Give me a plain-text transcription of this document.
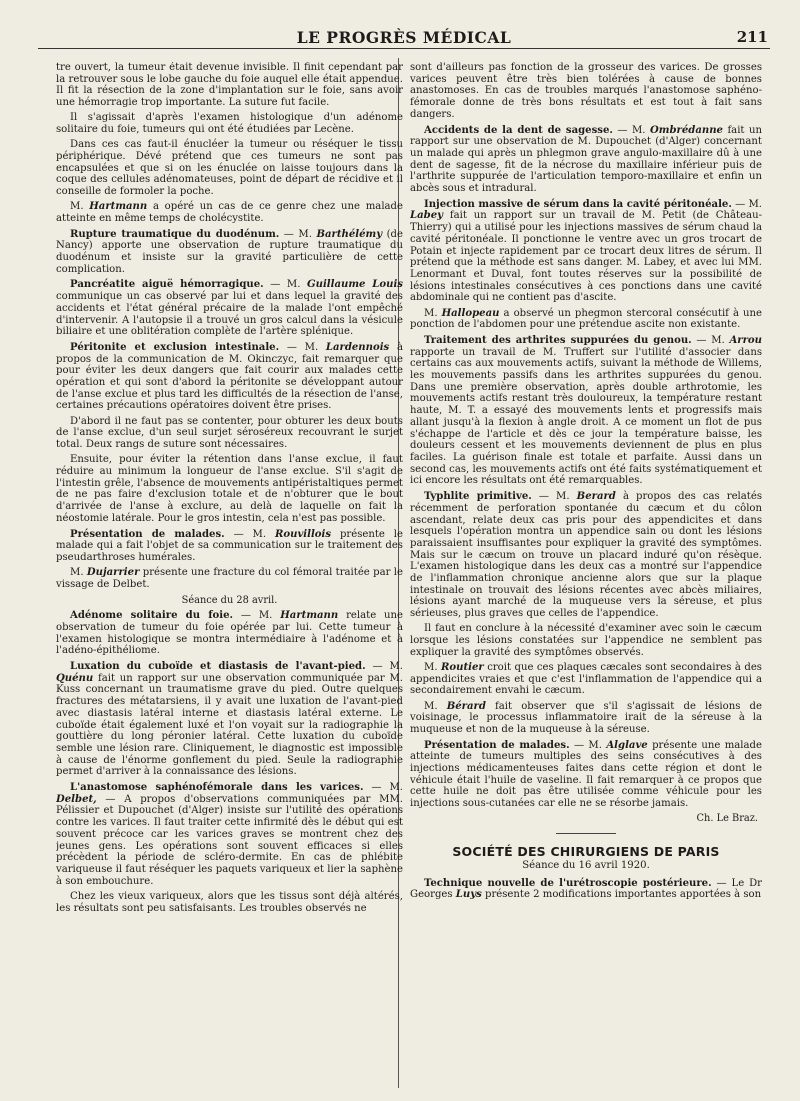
LE PROGRÈS MÉDICAL	211

tre ouvert, la tumeur était devenue invisible. Il finit cependant par la retrouver sous le lobe gauche du foie auquel elle était appendue. Il fit la résection de la zone d'implantation sur le foie, sans avoir une hémorragie trop importante. La suture fut facile.

Il s'agissait d'après l'examen histologique d'un adénome solitaire du foie, tumeurs qui ont été étudiées par Lecène.

Dans ces cas faut-il énucléer la tumeur ou réséquer le tissu périphérique. Dévé prétend que ces tumeurs ne sont pas encapsulées et que si on les énuclée on laisse toujours dans la coque des cellules adénomateuses, point de départ de récidive et il conseille de formoler la poche.

M. Hartmann a opéré un cas de ce genre chez une malade atteinte en même temps de cholécystite.

Rupture traumatique du duodénum. — M. Barthélémy (de Nancy) apporte une observation de rupture traumatique du duodénum et insiste sur la gravité particulière de cette complication.

Pancréatite aiguë hémorragique. — M. Guillaume Louis communique un cas observé par lui et dans lequel la gravité des accidents et l'état général précaire de la malade l'ont empêché d'intervenir. A l'autopsie il a trouvé un gros calcul dans la vésicule biliaire et une oblitération complète de l'artère splénique.

Péritonite et exclusion intestinale. — M. Lardennois à propos de la communication de M. Okinczyc, fait remarquer que pour éviter les deux dangers que fait courir aux malades cette opération et qui sont d'abord la péritonite se développant autour de l'anse exclue et plus tard les difficultés de la résection de l'anse, certaines précautions opératoires doivent être prises.

D'abord il ne faut pas se contenter, pour obturer les deux bouts de l'anse exclue, d'un seul surjet séroséreux recouvrant le surjet total. Deux rangs de suture sont nécessaires.

Ensuite, pour éviter la rétention dans l'anse exclue, il faut réduire au minimum la longueur de l'anse exclue. S'il s'agit de l'intestin grêle, l'absence de mouvements antipéristaltiques permet de ne pas faire d'exclusion totale et de n'obturer que le bout d'arrivée de l'anse à exclure, au delà de laquelle on fait la néostomie latérale. Pour le gros intestin, cela n'est pas possible.

Présentation de malades. — M. Rouvillois présente le malade qui a fait l'objet de sa communication sur le traitement des pseudarthroses humérales.

M. Dujarrier présente une fracture du col fémoral traitée par le vissage de Delbet.

Séance du 28 avril.

Adénome solitaire du foie. — M. Hartmann relate une observation de tumeur du foie opérée par lui. Cette tumeur à l'examen histologique se montra intermédiaire à l'adénome et à l'adéno-épithéliome.

Luxation du cuboïde et diastasis de l'avant-pied. — M. Quénu fait un rapport sur une observation communiquée par M. Kuss concernant un traumatisme grave du pied. Outre quelques fractures des métatarsiens, il y avait une luxation de l'avant-pied avec diastasis latéral interne et diastasis latéral externe. Le cuboïde était également luxé et l'on voyait sur la radiographie la gouttière du long péronier latéral. Cette luxation du cuboïde semble une lésion rare. Cliniquement, le diagnostic est impossible à cause de l'énorme gonflement du pied. Seule la radiographie permet d'arriver à la connaissance des lésions.

L'anastomose saphénofémorale dans les varices. — M. Delbet, — A propos d'observations communiquées par MM. Pélissier et Dupouchet (d'Alger) insiste sur l'utilité des opérations contre les varices. Il faut traiter cette infirmité dès le début qui est souvent précoce car les varices graves se montrent chez des jeunes gens. Les opérations sont souvent efficaces si elles précèdent la période de scléro-dermite. En cas de phlébite variqueuse il faut réséquer les paquets variqueux et lier la saphène à son embouchure.

Chez les vieux variqueux, alors que les tissus sont déjà altérés, les résultats sont peu satisfaisants. Les troubles observés ne

sont d'ailleurs pas fonction de la grosseur des varices. De grosses varices peuvent être très bien tolérées à cause de bonnes anastomoses. En cas de troubles marqués l'anastomose saphéno-fémorale donne de très bons résultats et est tout à fait sans dangers.

Accidents de la dent de sagesse. — M. Ombrédanne fait un rapport sur une observation de M. Dupouchet (d'Alger) concernant un malade qui après un phlegmon grave angulo-maxillaire dû à une dent de sagesse, fit de la nécrose du maxillaire inférieur puis de l'arthrite suppurée de l'articulation temporo-maxillaire et enfin un abcès sous et intradural.

Injection massive de sérum dans la cavité péritonéale. — M. Labey fait un rapport sur un travail de M. Petit (de Château-Thierry) qui a utilisé pour les injections massives de sérum chaud la cavité péritonéale. Il ponctionne le ventre avec un gros trocart de Potain et injecte rapidement par ce trocart deux litres de sérum. Il prétend que la méthode est sans danger. M. Labey, et avec lui MM. Lenormant et Duval, font toutes réserves sur la possibilité de lésions intestinales consécutives à ces ponctions dans une cavité abdominale qui ne contient pas d'ascite.

M. Hallopeau a observé un phegmon stercoral consécutif à une ponction de l'abdomen pour une prétendue ascite non existante.

Traitement des arthrites suppurées du genou. — M. Arrou rapporte un travail de M. Truffert sur l'utilité d'associer dans certains cas aux mouvements actifs, suivant la méthode de Willems, les mouvements passifs dans les arthrites suppurées du genou. Dans une première observation, après double arthrotomie, les mouvements actifs restant très douloureux, la température restant haute, M. T. a essayé des mouvements lents et progressifs mais allant jusqu'à la flexion à angle droit. A ce moment un flot de pus s'échappe de l'article et dès ce jour la température baisse, les douleurs cessent et les mouvements deviennent de plus en plus faciles. La guérison finale est totale et parfaite. Aussi dans un second cas, les mouvements actifs ont été faits systématiquement et ici encore les résultats ont été remarquables.

Typhlite primitive. — M. Berard à propos des cas relatés récemment de perforation spontanée du cæcum et du côlon ascendant, relate deux cas pris pour des appendicites et dans lesquels l'opération montra un appendice sain ou dont les lésions paraissaient insuffisantes pour expliquer la gravité des symptômes. Mais sur le cæcum on trouve un placard induré qu'on résèque. L'examen histologique dans les deux cas a montré sur l'appendice de l'inflammation chronique ancienne alors que sur la plaque intestinale on trouvait des lésions récentes avec abcès miliaires, lésions ayant marché de la muqueuse vers la séreuse, et plus sérieuses, plus graves que celles de l'appendice.

Il faut en conclure à la nécessité d'examiner avec soin le cæcum lorsque les lésions constatées sur l'appendice ne semblent pas expliquer la gravité des symptômes observés.

M. Routier croit que ces plaques cæcales sont secondaires à des appendicites vraies et que c'est l'inflammation de l'appendice qui a secondairement envahi le cæcum.

M. Bérard fait observer que s'il s'agissait de lésions de voisinage, le processus inflammatoire irait de la séreuse à la muqueuse et non de la muqueuse à la séreuse.

Présentation de malades. — M. Alglave présente une malade atteinte de tumeurs multiples des seins consécutives à des injections médicamenteuses faites dans cette région et dont le véhicule était l'huile de vaseline. Il fait remarquer à ce propos que cette huile ne doit pas être utilisée comme véhicule pour les injections sous-cutanées car elle ne se résorbe jamais.

Ch. Le Braz.

SOCIÉTÉ DES CHIRURGIENS DE PARIS

Séance du 16 avril 1920.

Technique nouvelle de l'urétroscopie postérieure. — Le Dr Georges Luys présente 2 modifications importantes apportées à son
